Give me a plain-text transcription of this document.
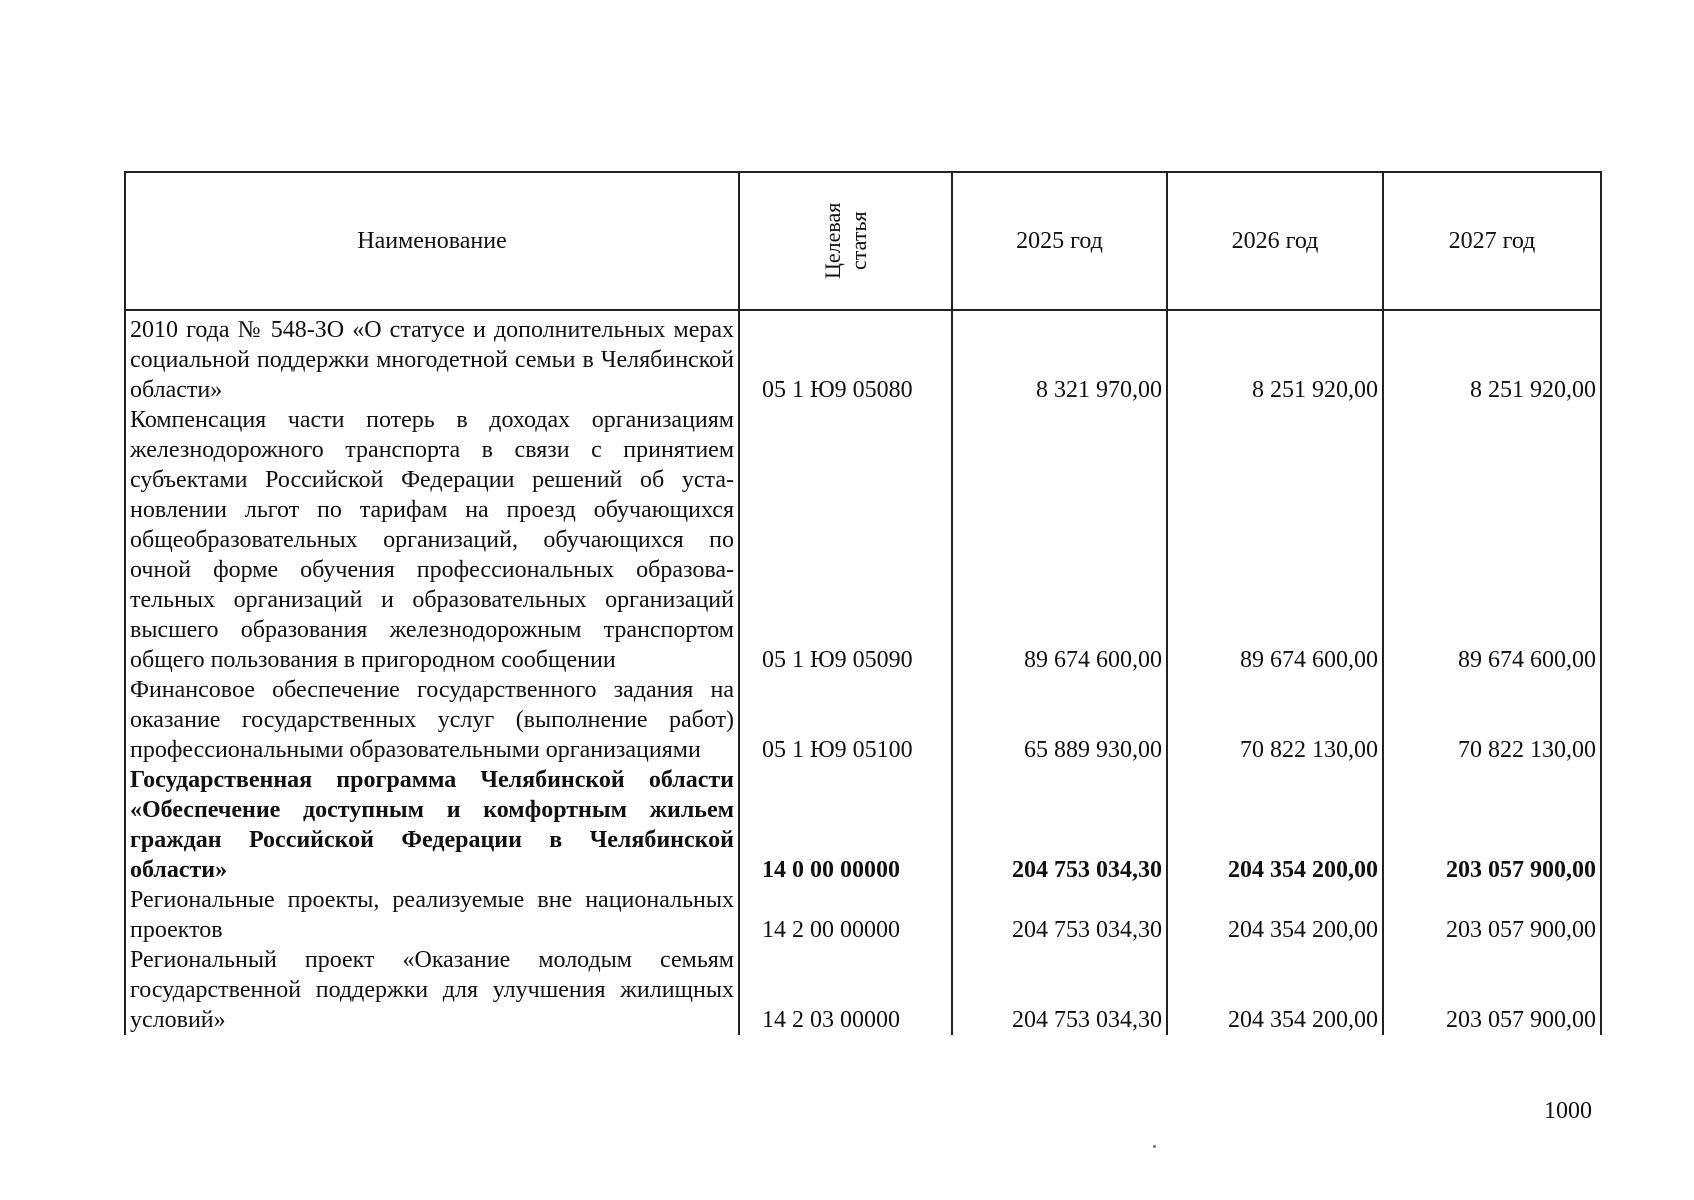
Наименование	Целевая статья	2025 год	2026 год	2027 год
2010 года № 548-ЗО «О статусе и дополнительных мерах социальной поддержки многодетной семьи в Челябинской области»	05 1 Ю9 05080	8 321 970,00	8 251 920,00	8 251 920,00
Компенсация части потерь в доходах организациям железнодорожного транспорта в связи с принятием субъектами Российской Федерации решений об установлении льгот по тарифам на проезд обучающихся общеобразовательных организаций, обучающихся по очной форме обучения профессиональных образовательных организаций и образовательных организаций высшего образования железнодорожным транспортом общего пользования в пригородном сообщении	05 1 Ю9 05090	89 674 600,00	89 674 600,00	89 674 600,00
Финансовое обеспечение государственного задания на оказание государственных услуг (выполнение работ) профессиональными образовательными организациями	05 1 Ю9 05100	65 889 930,00	70 822 130,00	70 822 130,00
Государственная программа Челябинской области «Обеспечение доступным и комфортным жильем граждан Российской Федерации в Челябинской области»	14 0 00 00000	204 753 034,30	204 354 200,00	203 057 900,00
Региональные проекты, реализуемые вне национальных проектов	14 2 00 00000	204 753 034,30	204 354 200,00	203 057 900,00
Региональный проект «Оказание молодым семьям государственной поддержки для улучшения жилищных условий»	14 2 03 00000	204 753 034,30	204 354 200,00	203 057 900,00
1000
